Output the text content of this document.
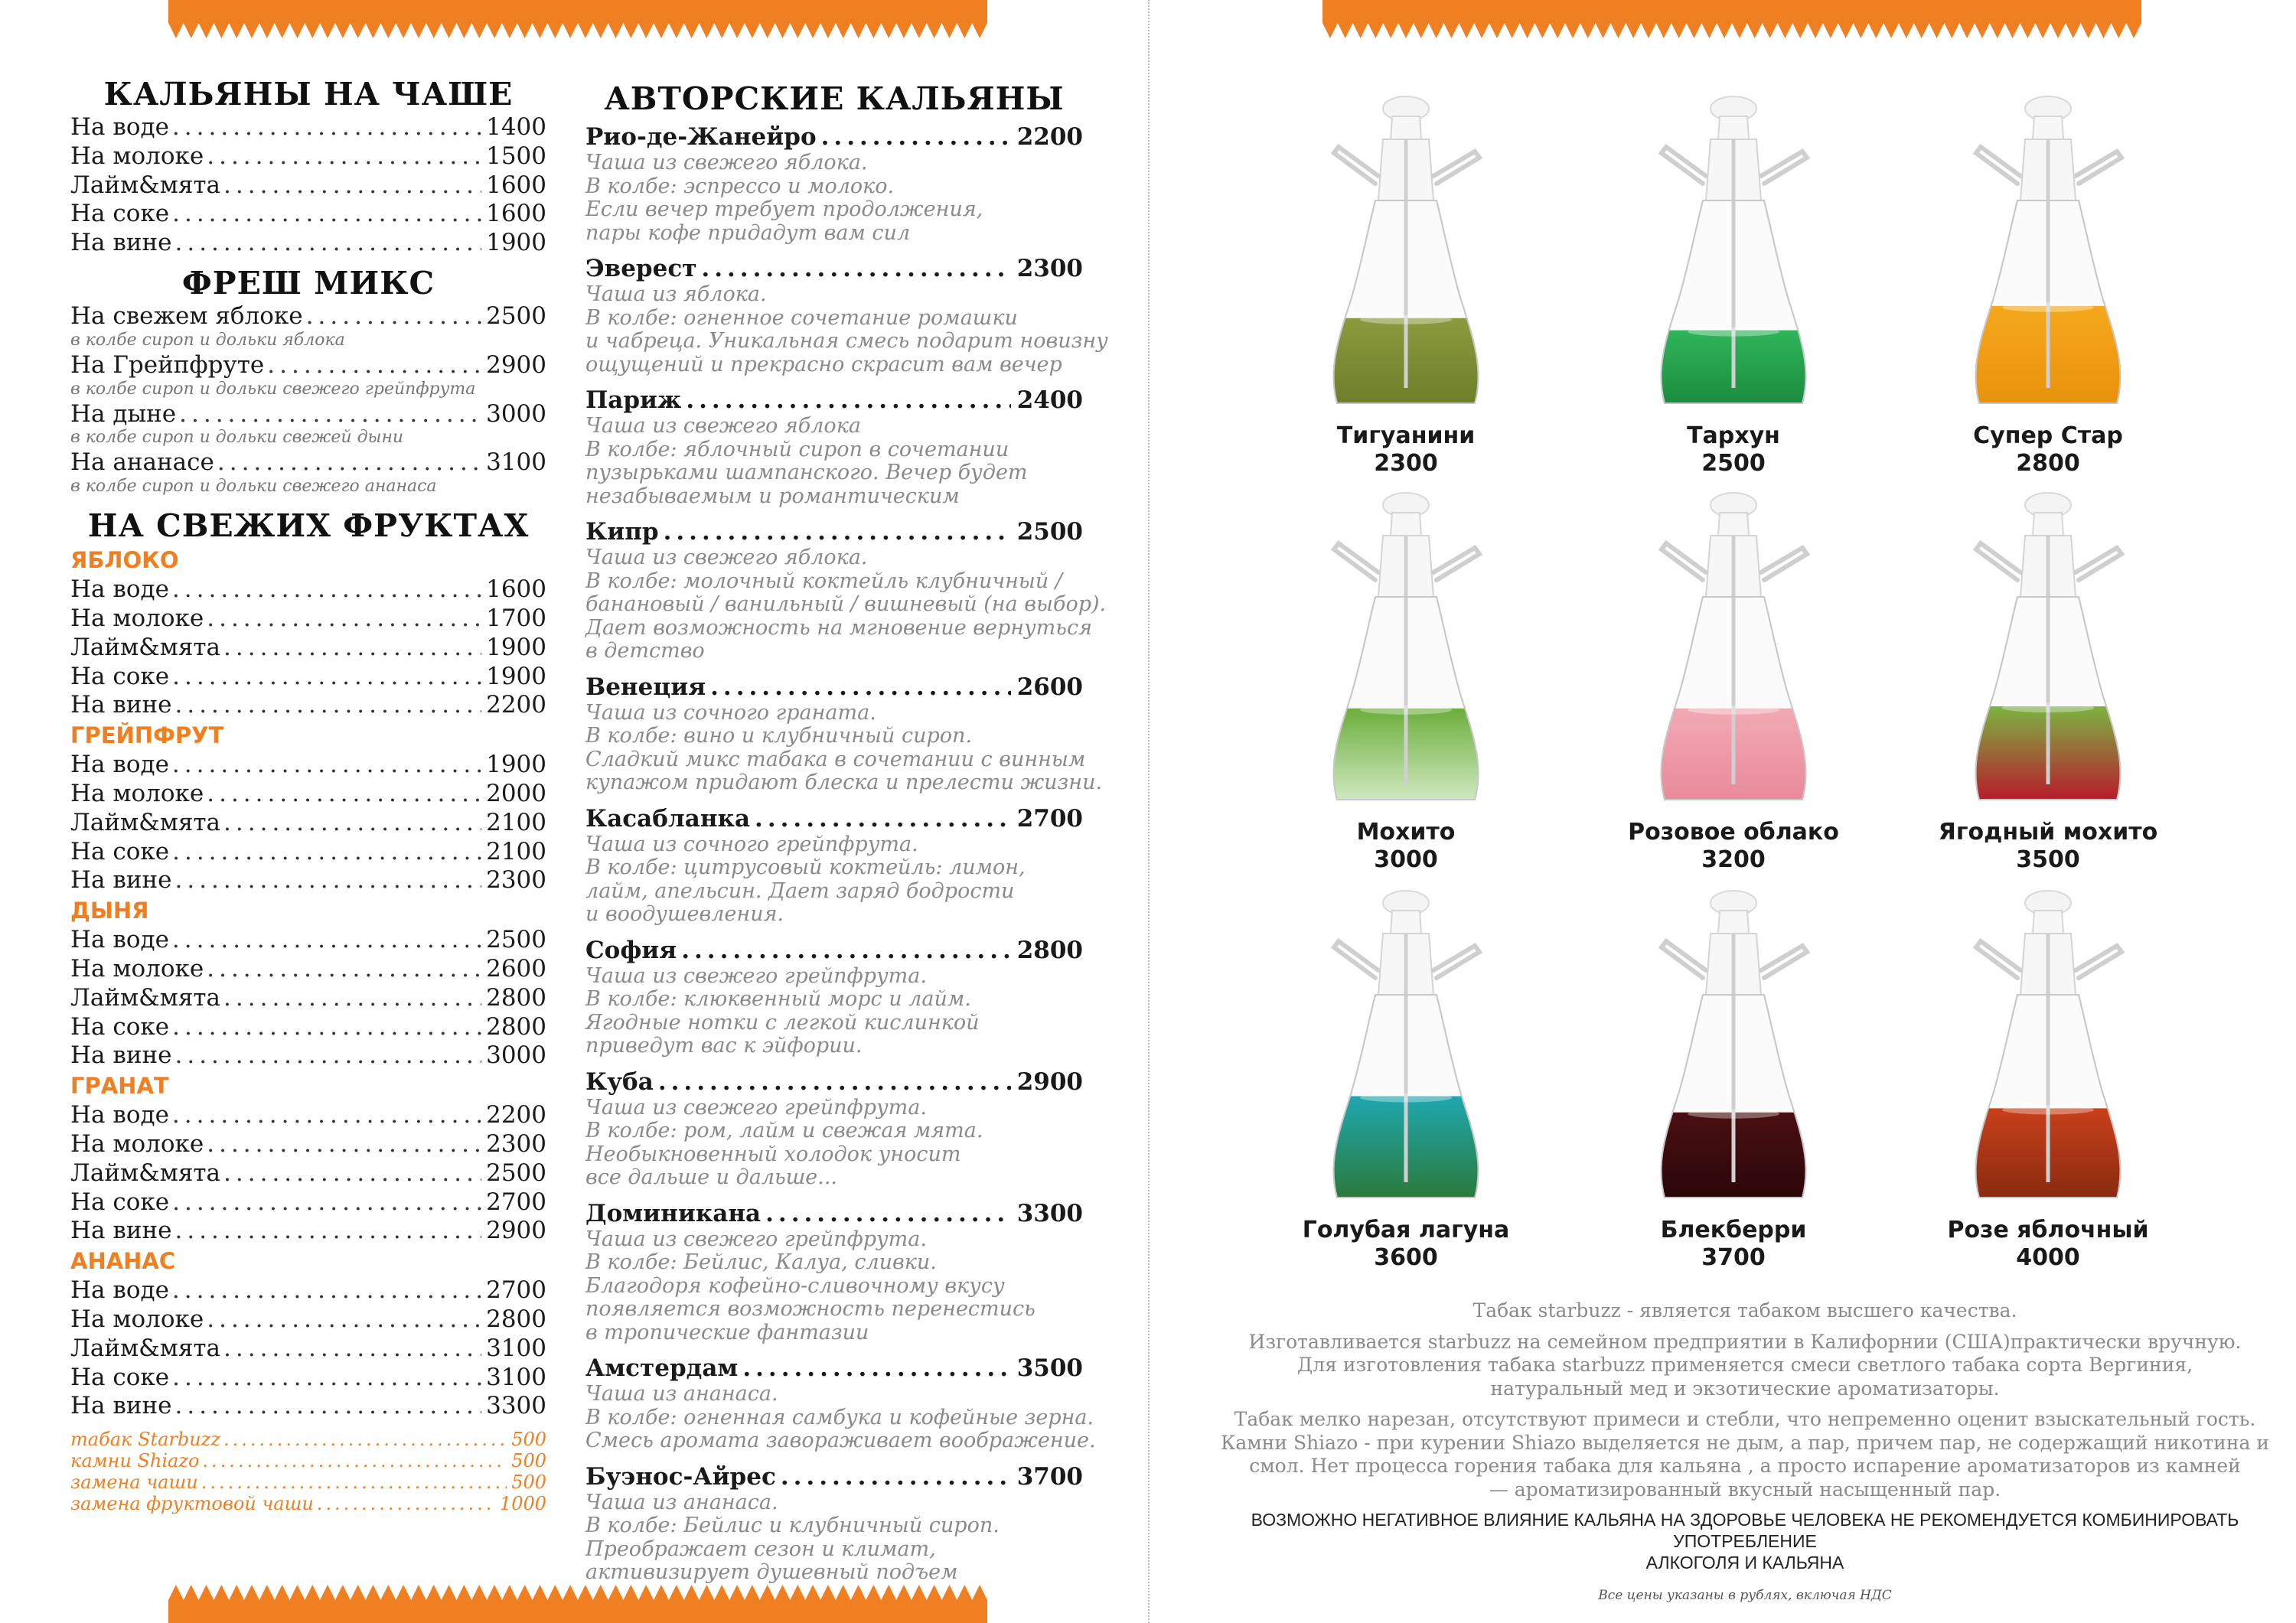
КАЛЬЯНЫ НА ЧАШЕ
На воде .....	1400
На молоке .....	1500
Лайм&мята .....	1600
На соке .....	1600
На вине .....	1900
ФРЕШ МИКС
На свежем яблоке .....	2500
в колбе сироп и дольки яблока
На Грейпфруте .....	2900
в колбе сироп и дольки свежего грейпфрута
На дыне .....	3000
в колбе сироп и дольки свежей дыни
На ананасе .....	3100
в колбе сироп и дольки свежего ананаса
НА СВЕЖИХ ФРУКТАХ
ЯБЛОКО
На воде .....	1600
На молоке .....	1700
Лайм&мята .....	1900
На соке .....	1900
На вине .....	2200
ГРЕЙПФРУТ
На воде .....	1900
На молоке .....	2000
Лайм&мята .....	2100
На соке .....	2100
На вине .....	2300
ДЫНЯ
На воде .....	2500
На молоке .....	2600
Лайм&мята .....	2800
На соке .....	2800
На вине .....	3000
ГРАНАТ
На воде .....	2200
На молоке .....	2300
Лайм&мята .....	2500
На соке .....	2700
На вине .....	2900
АНАНАС
На воде .....	2700
На молоке .....	2800
Лайм&мята .....	3100
На соке .....	3100
На вине .....	3300
табак Starbuzz .....	500
камни Shiazo .....	500
замена чаши .....	500
замена фруктовой чаши .....	1000
АВТОРСКИЕ КАЛЬЯНЫ
Рио-де-Жанейро .....	2200
Чаша из свежего яблока.
В колбе: эспрессо и молоко.
Если вечер требует продолжения,
пары кофе придадут вам сил
Эверест .....	2300
Чаша из яблока.
В колбе: огненное сочетание ромашки
и чабреца. Уникальная смесь подарит новизну
ощущений и прекрасно скрасит вам вечер
Париж .....	2400
Чаша из свежего яблока
В колбе: яблочный сироп в сочетании
пузырьками шампанского. Вечер будет
незабываемым и романтическим
Кипр .....	2500
Чаша из свежего яблока.
В колбе: молочный коктейль клубничный /
банановый / ванильный / вишневый (на выбор).
Дает возможность на мгновение вернуться
в детство
Венеция .....	2600
Чаша из сочного граната.
В колбе: вино и клубничный сироп.
Сладкий микс табака в сочетании с винным
купажом придают блеска и прелести жизни.
Касабланка .....	2700
Чаша из сочного грейпфрута.
В колбе: цитрусовый коктейль: лимон,
лайм, апельсин. Дает заряд бодрости
и воодушевления.
София .....	2800
Чаша из свежего грейпфрута.
В колбе: клюквенный морс и лайм.
Ягодные нотки с легкой кислинкой
приведут вас к эйфории.
Куба .....	2900
Чаша из свежего грейпфрута.
В колбе: ром, лайм и свежая мята.
Необыкновенный холодок уносит
все дальше и дальше...
Доминикана .....	3300
Чаша из свежего грейпфрута.
В колбе: Бейлис, Калуа, сливки.
Благодоря кофейно-сливочному вкусу
появляется возможность перенестись
в тропические фантазии
Амстердам .....	3500
Чаша из ананаса.
В колбе: огненная самбука и кофейные зерна.
Смесь аромата завораживает воображение.
Буэнос-Айрес .....	3700
Чаша из ананаса.
В колбе: Бейлис и клубничный сироп.
Преображает сезон и климат,
активизирует душевный подъем
Тигуанини
2300
Тархун
2500
Супер Стар
2800
Мохито
3000
Розовое облако
3200
Ягодный мохито
3500
Голубая лагуна
3600
Блекберри
3700
Розе яблочный
4000

Табак starbuzz - является табаком высшего качества.

Изготавливается starbuzz на семейном предприятии в Калифорнии (США)практически вручную.
Для изготовления табака starbuzz применяется смеси светлого табака сорта Вергиния,
натуральный мед и экзотические ароматизаторы.

Табак мелко нарезан, отсутствуют примеси и стебли, что непременно оценит взыскательный гость.
Камни Shiazo - при курении Shiazo выделяется не дым, а пар, причем пар, не содержащий никотина и
смол. Нет процесса горения табака для кальяна , а просто испарение ароматизаторов из камней
— ароматизированный вкусный насыщенный пар.

ВОЗМОЖНО НЕГАТИВНОЕ ВЛИЯНИЕ КАЛЬЯНА НА ЗДОРОВЬЕ ЧЕЛОВЕКА НЕ РЕКОМЕНДУЕТСЯ КОМБИНИРОВАТЬ УПОТРЕБЛЕНИЕ
АЛКОГОЛЯ И КАЛЬЯНА
Все цены указаны в рублях, включая НДС
